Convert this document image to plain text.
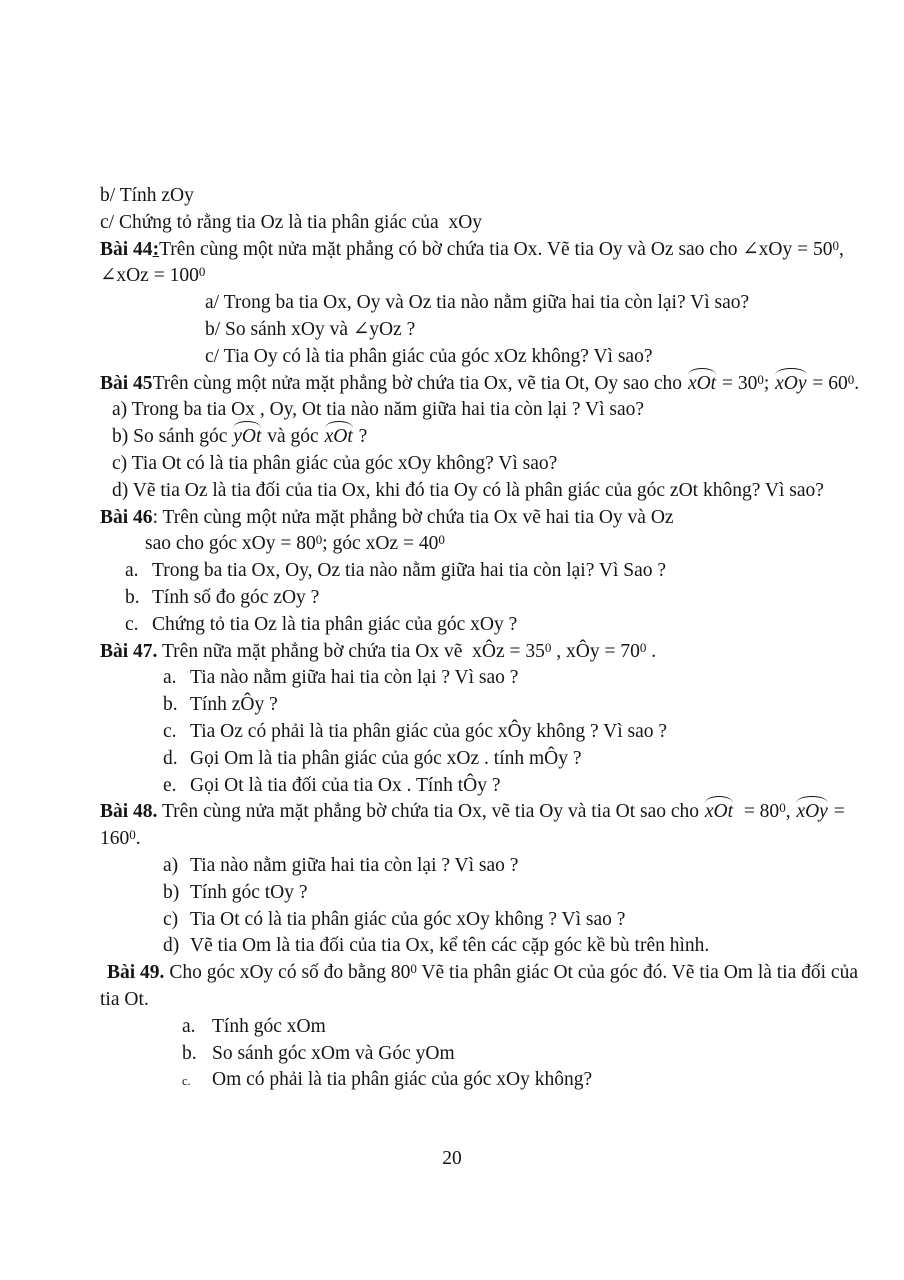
b/ Tính zOy
c/ Chứng tỏ rằng tia Oz là tia phân giác của  xOy
Bài 44:Trên cùng một nửa mặt phẳng có bờ chứa tia Ox. Vẽ tia Oy và Oz sao cho ∠xOy = $50^0$,
∠xOz = $100^0$
a/ Trong ba tia Ox, Oy và Oz tia nào nằm giữa hai tia còn lại? Vì sao?
b/ So sánh xOy và ∠yOz ?
c/ Tia Oy có là tia phân giác của góc xOz không? Vì sao?
Bài 45Trên cùng một nửa mặt phẳng bờ chứa tia Ox, vẽ tia Ot, Oy sao cho xOt = $30^0$; xOy = $60^0$.
a) Trong ba tia Ox , Oy, Ot tia nào năm giữa hai tia còn lại ? Vì sao?
b) So sánh góc yOt và góc xOt ?
c) Tia Ot có là tia phân giác của góc xOy không? Vì sao?
d) Vẽ tia Oz là tia đối của tia Ox, khi đó tia Oy có là phân giác của góc zOt không? Vì sao?
Bài 46: Trên cùng một nửa mặt phẳng bờ chứa tia Ox vẽ hai tia Oy và Oz
sao cho góc xOy = $80^0$; góc xOz = $40^0$
a. Trong ba tia Ox, Oy, Oz tia nào nằm giữa hai tia còn lại? Vì Sao ?
b. Tính số đo góc zOy ?
c. Chứng tỏ tia Oz là tia phân giác của góc xOy ?
Bài 47. Trên nữa mặt phẳng bờ chứa tia Ox vẽ  xÔz = $35^0$ , xÔy = $70^0$ .
a. Tia nào nằm giữa hai tia còn lại ? Vì sao ?
b. Tính zÔy ?
c. Tia Oz có phải là tia phân giác của góc xÔy không ? Vì sao ?
d. Gọi Om là tia phân giác của góc xOz . tính mÔy ?
e. Gọi Ot là tia đối của tia Ox . Tính tÔy ?
Bài 48. Trên cùng nửa mặt phẳng bờ chứa tia Ox, vẽ tia Oy và tia Ot sao cho xOt  = $80^0$, xOy =
$160^0$.
a) Tia nào nằm giữa hai tia còn lại ? Vì sao ?
b) Tính góc tOy ?
c) Tia Ot có là tia phân giác của góc xOy không ? Vì sao ?
d) Vẽ tia Om là tia đối của tia Ox, kể tên các cặp góc kề bù trên hình.
Bài 49. Cho góc xOy có số đo bằng $80^0$ Vẽ tia phân giác Ot của góc đó. Vẽ tia Om là tia đối của
tia Ot.
a. Tính góc xOm
b. So sánh góc xOm và Góc yOm
c. Om có phải là tia phân giác của góc xOy không?
20
